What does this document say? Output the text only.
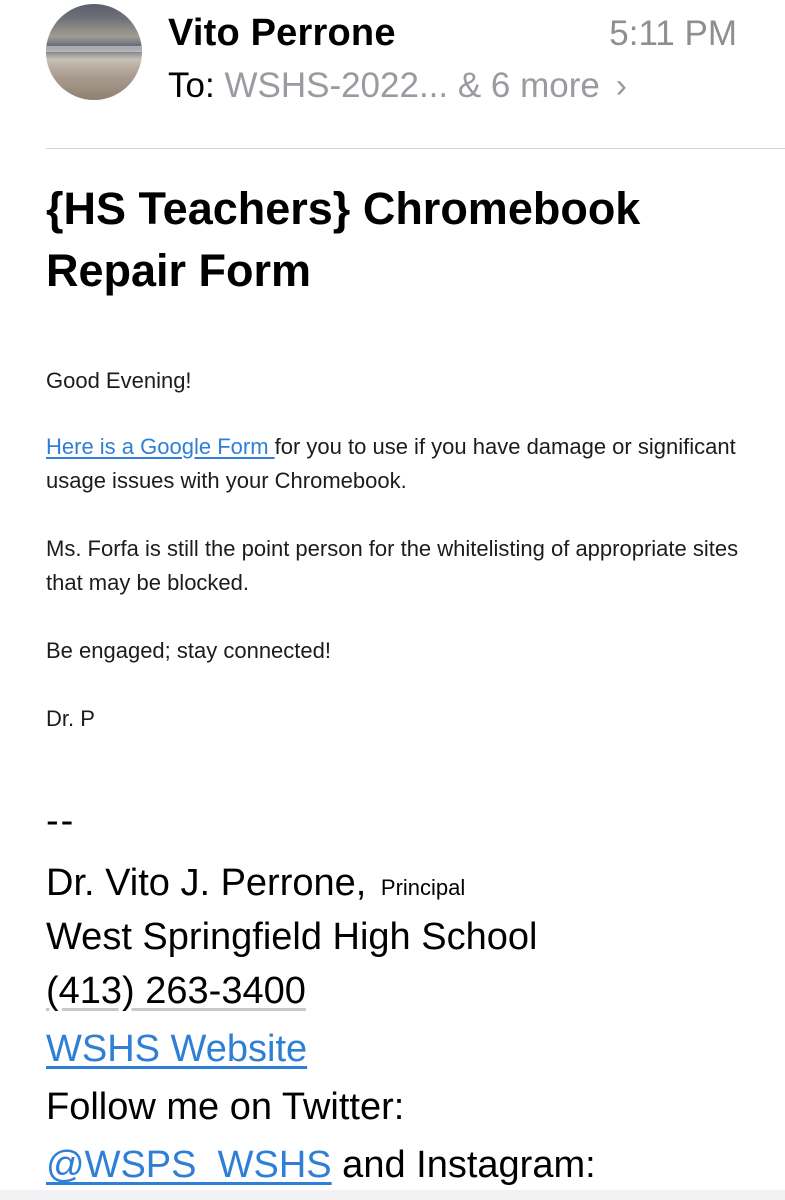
Vito Perrone	5:11 PM
To: WSHS-2022... & 6 more ›
{HS Teachers} Chromebook Repair Form
Good Evening!
Here is a Google Form for you to use if you have damage or significant usage issues with your Chromebook.
Ms. Forfa is still the point person for the whitelisting of appropriate sites that may be blocked.
Be engaged; stay connected!
Dr. P
--
Dr. Vito J. Perrone, Principal
West Springfield High School
(413) 263-3400
WSHS Website
Follow me on Twitter:
@WSPS_WSHS and Instagram:
